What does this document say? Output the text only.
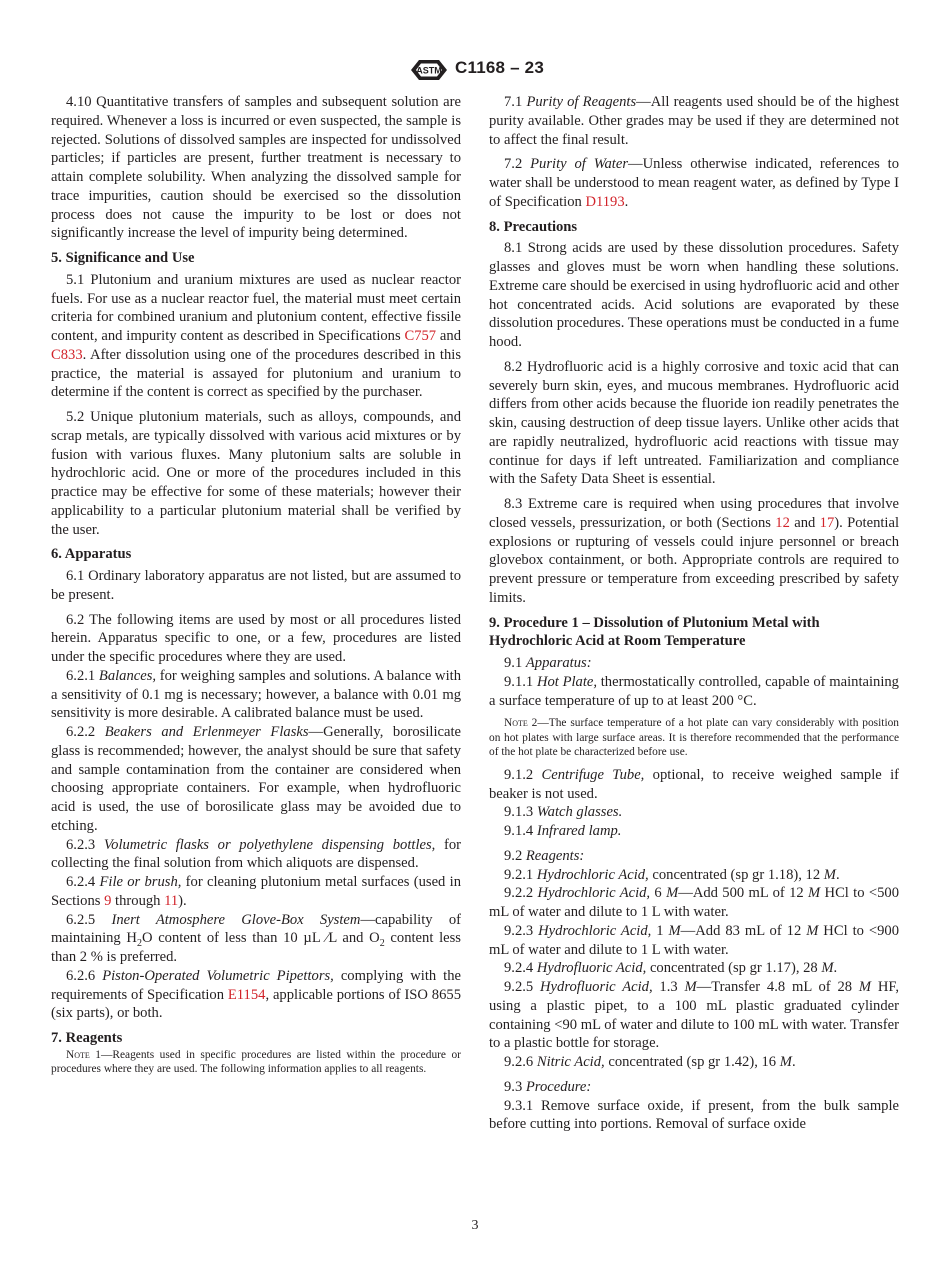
ASTM C1168 – 23

4.10 Quantitative transfers of samples and subsequent solution are required. Whenever a loss is incurred or even suspected, the sample is rejected. Solutions of dissolved samples are inspected for undissolved particles; if particles are present, further treatment is necessary to attain complete solubility. When analyzing the dissolved sample for trace impurities, caution should be exercised so the dissolution process does not cause the impurity to be lost or does not significantly increase the level of impurity being determined.

5. Significance and Use

5.1 Plutonium and uranium mixtures are used as nuclear reactor fuels. For use as a nuclear reactor fuel, the material must meet certain criteria for combined uranium and plutonium content, effective fissile content, and impurity content as described in Specifications C757 and C833. After dissolution using one of the procedures described in this practice, the material is assayed for plutonium and uranium to determine if the content is correct as specified by the purchaser.

5.2 Unique plutonium materials, such as alloys, compounds, and scrap metals, are typically dissolved with various acid mixtures or by fusion with various fluxes. Many plutonium salts are soluble in hydrochloric acid. One or more of the procedures included in this practice may be effective for some of these materials; however their applicability to a particular plutonium material shall be verified by the user.

6. Apparatus

6.1 Ordinary laboratory apparatus are not listed, but are assumed to be present.

6.2 The following items are used by most or all procedures listed herein. Apparatus specific to one, or a few, procedures are listed under the specific procedures where they are used.

6.2.1 Balances, for weighing samples and solutions. A balance with a sensitivity of 0.1 mg is necessary; however, a balance with 0.01 mg sensitivity is more desirable. A calibrated balance must be used.

6.2.2 Beakers and Erlenmeyer Flasks—Generally, borosilicate glass is recommended; however, the analyst should be sure that safety and sample contamination from the container are considered when choosing appropriate containers. For example, when hydrofluoric acid is used, the use of borosilicate glass may be avoided due to etching.

6.2.3 Volumetric flasks or polyethylene dispensing bottles, for collecting the final solution from which aliquots are dispensed.

6.2.4 File or brush, for cleaning plutonium metal surfaces (used in Sections 9 through 11).

6.2.5 Inert Atmosphere Glove-Box System—capability of maintaining $H_2O$ content of less than 10 µL ⁄L and $O_2$ content less than 2 % is preferred.

6.2.6 Piston-Operated Volumetric Pipettors, complying with the requirements of Specification E1154, applicable portions of ISO 8655 (six parts), or both.

7. Reagents
Note 1—Reagents used in specific procedures are listed within the procedure or procedures where they are used. The following information applies to all reagents.

7.1 Purity of Reagents—All reagents used should be of the highest purity available. Other grades may be used if they are determined not to affect the final result.

7.2 Purity of Water—Unless otherwise indicated, references to water shall be understood to mean reagent water, as defined by Type I of Specification D1193.

8. Precautions

8.1 Strong acids are used by these dissolution procedures. Safety glasses and gloves must be worn when handling these solutions. Extreme care should be exercised in using hydrofluoric acid and other hot concentrated acids. Acid solutions are evaporated by these dissolution procedures. These operations must be conducted in a fume hood.

8.2 Hydrofluoric acid is a highly corrosive and toxic acid that can severely burn skin, eyes, and mucous membranes. Hydrofluoric acid differs from other acids because the fluoride ion readily penetrates the skin, causing destruction of deep tissue layers. Unlike other acids that are rapidly neutralized, hydrofluoric acid reactions with tissue may continue for days if left untreated. Familiarization and compliance with the Safety Data Sheet is essential.

8.3 Extreme care is required when using procedures that involve closed vessels, pressurization, or both (Sections 12 and 17). Potential explosions or rupturing of vessels could injure personnel or breach glovebox containment, or both. Appropriate controls are required to prevent pressure or temperature from exceeding prescribed by safety limits.

9. Procedure 1 – Dissolution of Plutonium Metal with Hydrochloric Acid at Room Temperature

9.1 Apparatus:

9.1.1 Hot Plate, thermostatically controlled, capable of maintaining a surface temperature of up to at least 200 °C.

Note 2—The surface temperature of a hot plate can vary considerably with position on hot plates with large surface areas. It is therefore recommended that the performance of the hot plate be characterized before use.

9.1.2 Centrifuge Tube, optional, to receive weighed sample if beaker is not used.

9.1.3 Watch glasses.

9.1.4 Infrared lamp.

9.2 Reagents:

9.2.1 Hydrochloric Acid, concentrated (sp gr 1.18), 12 M.

9.2.2 Hydrochloric Acid, 6 M—Add 500 mL of 12 M HCl to <500 mL of water and dilute to 1 L with water.

9.2.3 Hydrochloric Acid, 1 M—Add 83 mL of 12 M HCl to <900 mL of water and dilute to 1 L with water.

9.2.4 Hydrofluoric Acid, concentrated (sp gr 1.17), 28 M.

9.2.5 Hydrofluoric Acid, 1.3 M—Transfer 4.8 mL of 28 M HF, using a plastic pipet, to a 100 mL plastic graduated cylinder containing <90 mL of water and dilute to 100 mL with water. Transfer to a plastic bottle for storage.

9.2.6 Nitric Acid, concentrated (sp gr 1.42), 16 M.

9.3 Procedure:

9.3.1 Remove surface oxide, if present, from the bulk sample before cutting into portions. Removal of surface oxide

3
